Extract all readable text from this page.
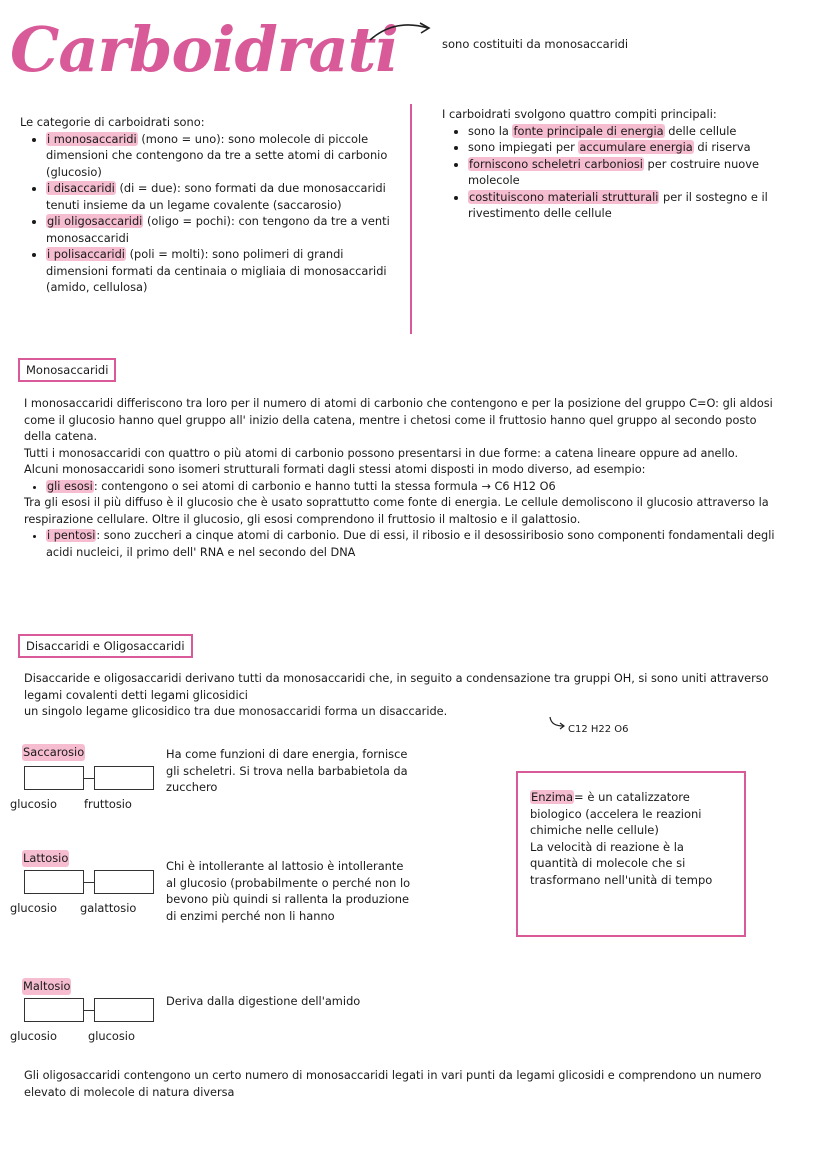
Carboidrati	sono costituiti da monosaccaridi
Le categorie di carboidrati sono:
• i monosaccaridi (mono = uno): sono molecole di piccole dimensioni che contengono da tre a sette atomi di carbonio (glucosio)
• i disaccaridi (di = due): sono formati da due monosaccaridi tenuti insieme da un legame covalente (saccarosio)
• gli oligosaccaridi (oligo = pochi): con tengono da tre a venti monosaccaridi
• i polisaccaridi (poli = molti): sono polimeri di grandi dimensioni formati da centinaia o migliaia di monosaccaridi (amido, cellulosa)
I carboidrati svolgono quattro compiti principali:
• sono la fonte principale di energia delle cellule
• sono impiegati per accumulare energia di riserva
• forniscono scheletri carboniosi per costruire nuove molecole
• costituiscono materiali strutturali per il sostegno e il rivestimento delle cellule
Monosaccaridi
I monosaccaridi differiscono tra loro per il numero di atomi di carbonio che contengono e per la posizione del gruppo C=O: gli aldosi come il glucosio hanno quel gruppo all' inizio della catena, mentre i chetosi come il fruttosio hanno quel gruppo al secondo posto della catena.
Tutti i monosaccaridi con quattro o più atomi di carbonio possono presentarsi in due forme: a catena lineare oppure ad anello.
Alcuni monosaccaridi sono isomeri strutturali formati dagli stessi atomi disposti in modo diverso, ad esempio:
• gli esosi: contengono o sei atomi di carbonio e hanno tutti la stessa formula → C6 H12 O6
Tra gli esosi il più diffuso è il glucosio che è usato soprattutto come fonte di energia. Le cellule demoliscono il glucosio attraverso la respirazione cellulare. Oltre il glucosio, gli esosi comprendono il fruttosio il maltosio e il galattosio.
• i pentosi: sono zuccheri a cinque atomi di carbonio. Due di essi, il ribosio e il desossiribosio sono componenti fondamentali degli acidi nucleici, il primo dell' RNA e nel secondo del DNA
Disaccaridi e Oligosaccaridi
Disaccaride e oligosaccaridi derivano tutti da monosaccaridi che, in seguito a condensazione tra gruppi OH, si sono uniti attraverso legami covalenti detti legami glicosidici
un singolo legame glicosidico tra due monosaccaridi forma un disaccaride.
C12 H22 O6
Saccarosio
glucosio fruttosio
Ha come funzioni di dare energia, fornisce gli scheletri. Si trova nella barbabietola da zucchero
Lattosio
glucosio galattosio
Chi è intollerante al lattosio è intollerante al glucosio (probabilmente o perché non lo bevono più quindi si rallenta la produzione di enzimi perché non li hanno
Maltosio
glucosio	glucosio
Deriva dalla digestione dell'amido
Enzima= è un catalizzatore biologico (accelera le reazioni chimiche nelle cellule)
La velocità di reazione è la quantità di molecole che si trasformano nell'unità di tempo
Gli oligosaccaridi contengono un certo numero di monosaccaridi legati in vari punti da legami glicosidi e comprendono un numero elevato di molecole di natura diversa
